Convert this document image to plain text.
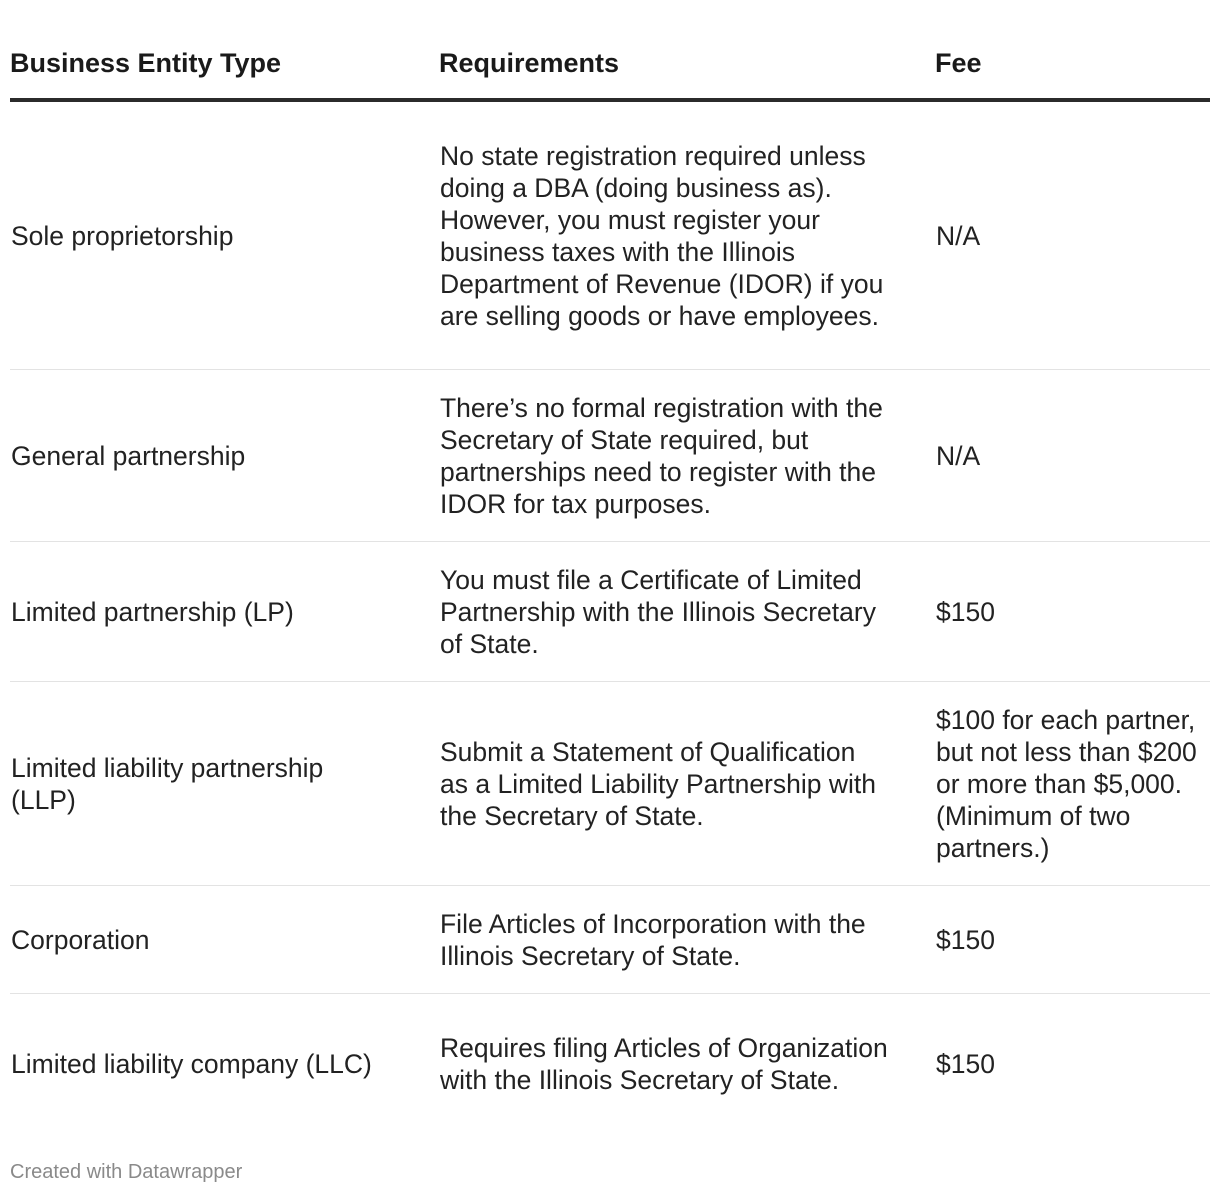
Business Entity Type	Requirements	Fee
Sole proprietorship	No state registration required unless doing a DBA (doing business as). However, you must register your business taxes with the Illinois Department of Revenue (IDOR) if you are selling goods or have employees.	N/A
General partnership	There’s no formal registration with the Secretary of State required, but partnerships need to register with the IDOR for tax purposes.	N/A
Limited partnership (LP)	You must file a Certificate of Limited Partnership with the Illinois Secretary of State.	$150
Limited liability partnership (LLP)	Submit a Statement of Qualification as a Limited Liability Partnership with the Secretary of State.	$100 for each partner, but not less than $200 or more than $5,000. (Minimum of two partners.)
Corporation	File Articles of Incorporation with the Illinois Secretary of State.	$150
Limited liability company (LLC)	Requires filing Articles of Organization with the Illinois Secretary of State.	$150
Created with Datawrapper
